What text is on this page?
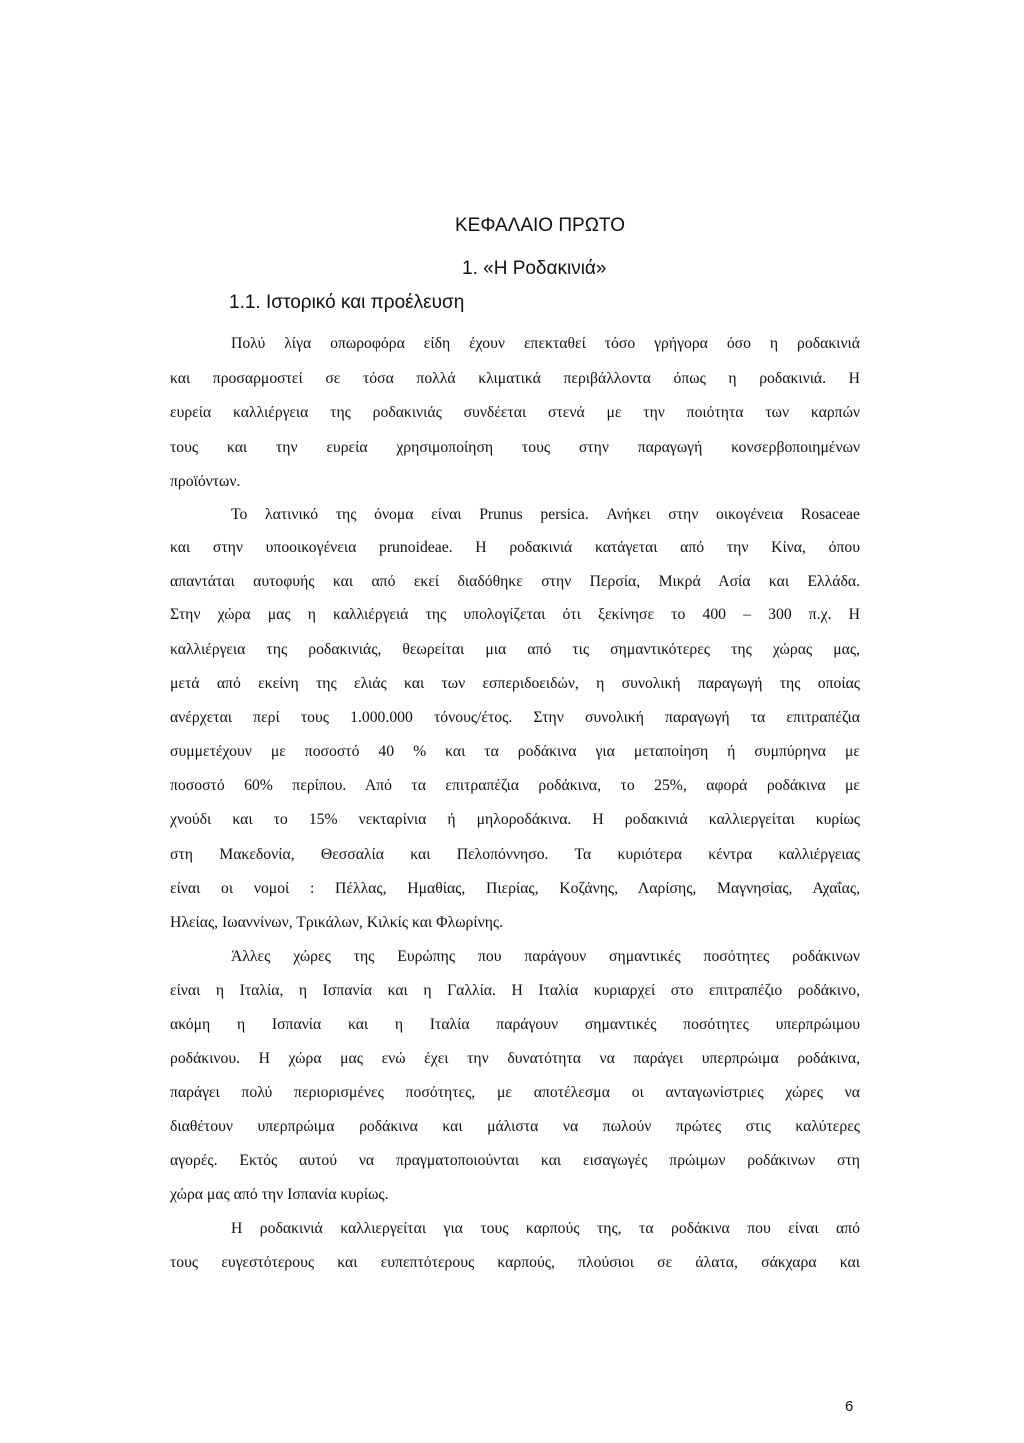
ΚΕΦΑΛΑΙΟ ΠΡΩΤΟ
1. «Η Ροδακινιά»
1.1. Ιστορικό και προέλευση
Πολύ λίγα οπωροφόρα είδη έχουν επεκταθεί τόσο γρήγορα όσο η ροδακινιά
και προσαρμοστεί σε τόσα πολλά κλιματικά περιβάλλοντα όπως η ροδακινιά. Η
ευρεία καλλιέργεια της ροδακινιάς συνδέεται στενά με την ποιότητα των καρπών
τους και την ευρεία χρησιμοποίηση τους στην παραγωγή κονσερβοποιημένων
προϊόντων.
Το λατινικό της όνομα είναι Prunus persica. Ανήκει στην οικογένεια Rosaceae
και στην υποοικογένεια prunoideae. Η ροδακινιά κατάγεται από την Κίνα, όπου
απαντάται αυτοφυής και από εκεί διαδόθηκε στην Περσία, Μικρά Ασία και Ελλάδα.
Στην χώρα μας η καλλιέργειά της υπολογίζεται ότι ξεκίνησε το 400 – 300 π.χ. Η
καλλιέργεια της ροδακινιάς, θεωρείται μια από τις σημαντικότερες της χώρας μας,
μετά από εκείνη της ελιάς και των εσπεριδοειδών, η συνολική παραγωγή της οποίας
ανέρχεται περί τους 1.000.000 τόνους/έτος. Στην συνολική παραγωγή τα επιτραπέζια
συμμετέχουν με ποσοστό 40 % και τα ροδάκινα για μεταποίηση ή συμπύρηνα με
ποσοστό 60% περίπου. Από τα επιτραπέζια ροδάκινα, το 25%, αφορά ροδάκινα με
χνούδι και το 15% νεκταρίνια ή μηλοροδάκινα. Η ροδακινιά καλλιεργείται κυρίως
στη Μακεδονία, Θεσσαλία και Πελοπόννησο. Τα κυριότερα κέντρα καλλιέργειας
είναι οι νομοί : Πέλλας, Ημαθίας, Πιερίας, Κοζάνης, Λαρίσης, Μαγνησίας, Αχαΐας,
Ηλείας, Ιωαννίνων, Τρικάλων, Κιλκίς και Φλωρίνης.
Άλλες χώρες της Ευρώπης που παράγουν σημαντικές ποσότητες ροδάκινων
είναι η Ιταλία, η Ισπανία και η Γαλλία. Η Ιταλία κυριαρχεί στο επιτραπέζιο ροδάκινο,
ακόμη η Ισπανία και η Ιταλία παράγουν σημαντικές ποσότητες υπερπρώιμου
ροδάκινου. Η χώρα μας ενώ έχει την δυνατότητα να παράγει υπερπρώιμα ροδάκινα,
παράγει πολύ περιορισμένες ποσότητες, με αποτέλεσμα οι ανταγωνίστριες χώρες να
διαθέτουν υπερπρώιμα ροδάκινα και μάλιστα να πωλούν πρώτες στις καλύτερες
αγορές. Εκτός αυτού να πραγματοποιούνται και εισαγωγές πρώιμων ροδάκινων στη
χώρα μας από την Ισπανία κυρίως.
Η ροδακινιά καλλιεργείται για τους καρπούς της, τα ροδάκινα που είναι από
τους ευγεστότερους και ευπεπτότερους καρπούς, πλούσιοι σε άλατα, σάκχαρα και
6
